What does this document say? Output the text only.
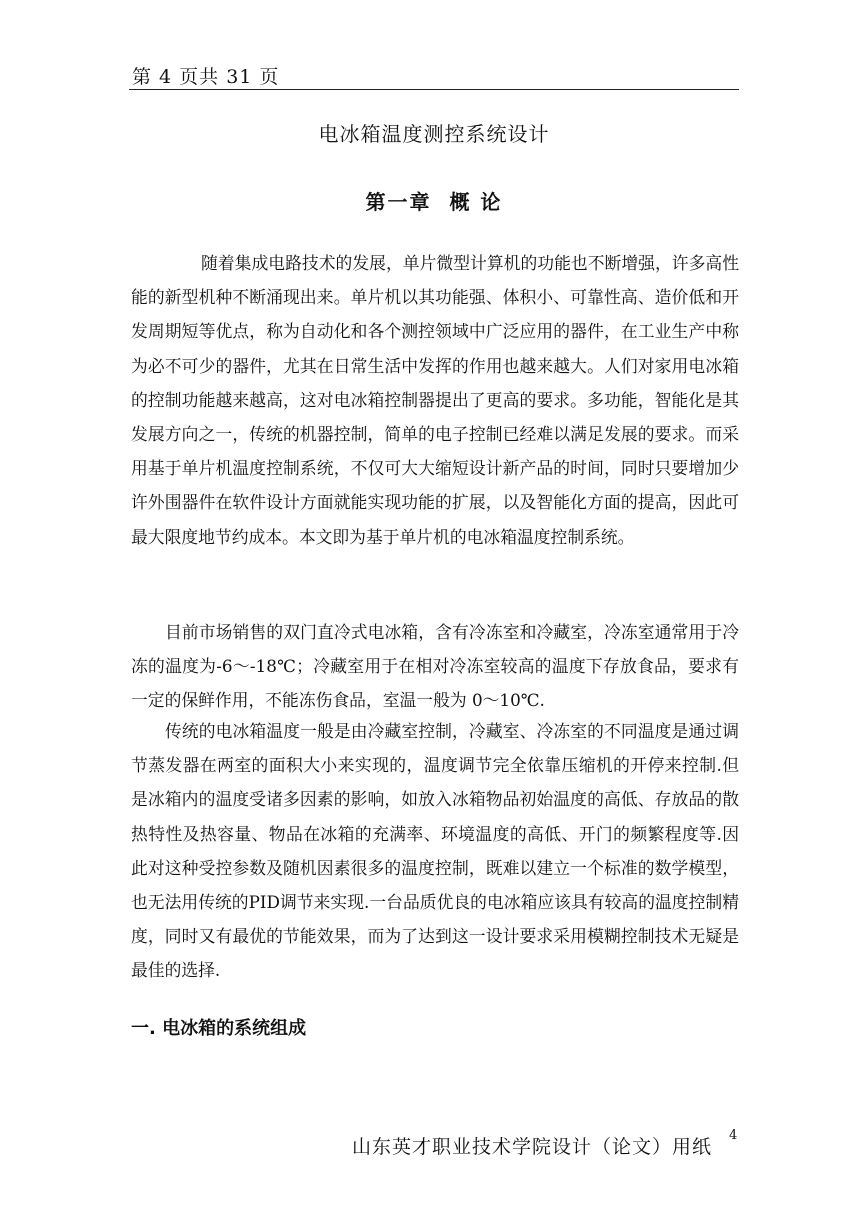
第 4 页共 31 页
电冰箱温度测控系统设计
第一章  概 论

随着集成电路技术的发展，单片微型计算机的功能也不断增强，许多高性能的新型机种不断涌现出来。单片机以其功能强、体积小、可靠性高、造价低和开发周期短等优点，称为自动化和各个测控领域中广泛应用的器件，在工业生产中称为必不可少的器件，尤其在日常生活中发挥的作用也越来越大。人们对家用电冰箱的控制功能越来越高，这对电冰箱控制器提出了更高的要求。多功能，智能化是其发展方向之一，传统的机器控制，简单的电子控制已经难以满足发展的要求。而采用基于单片机温度控制系统，不仅可大大缩短设计新产品的时间，同时只要增加少许外围器件在软件设计方面就能实现功能的扩展，以及智能化方面的提高，因此可最大限度地节约成本。本文即为基于单片机的电冰箱温度控制系统。

目前市场销售的双门直冷式电冰箱，含有冷冻室和冷藏室，冷冻室通常用于冷冻的温度为-6～-18℃；冷藏室用于在相对冷冻室较高的温度下存放食品，要求有一定的保鲜作用，不能冻伤食品，室温一般为 0～10℃.

传统的电冰箱温度一般是由冷藏室控制，冷藏室、冷冻室的不同温度是通过调节蒸发器在两室的面积大小来实现的，温度调节完全依靠压缩机的开停来控制.但是冰箱内的温度受诸多因素的影响，如放入冰箱物品初始温度的高低、存放品的散热特性及热容量、物品在冰箱的充满率、环境温度的高低、开门的频繁程度等.因此对这种受控参数及随机因素很多的温度控制，既难以建立一个标准的数学模型，也无法用传统的PID调节来实现.一台品质优良的电冰箱应该具有较高的温度控制精度，同时又有最优的节能效果，而为了达到这一设计要求采用模糊控制技术无疑是最佳的选择.

一. 电冰箱的系统组成
山东英才职业技术学院设计（论文）用纸
4
